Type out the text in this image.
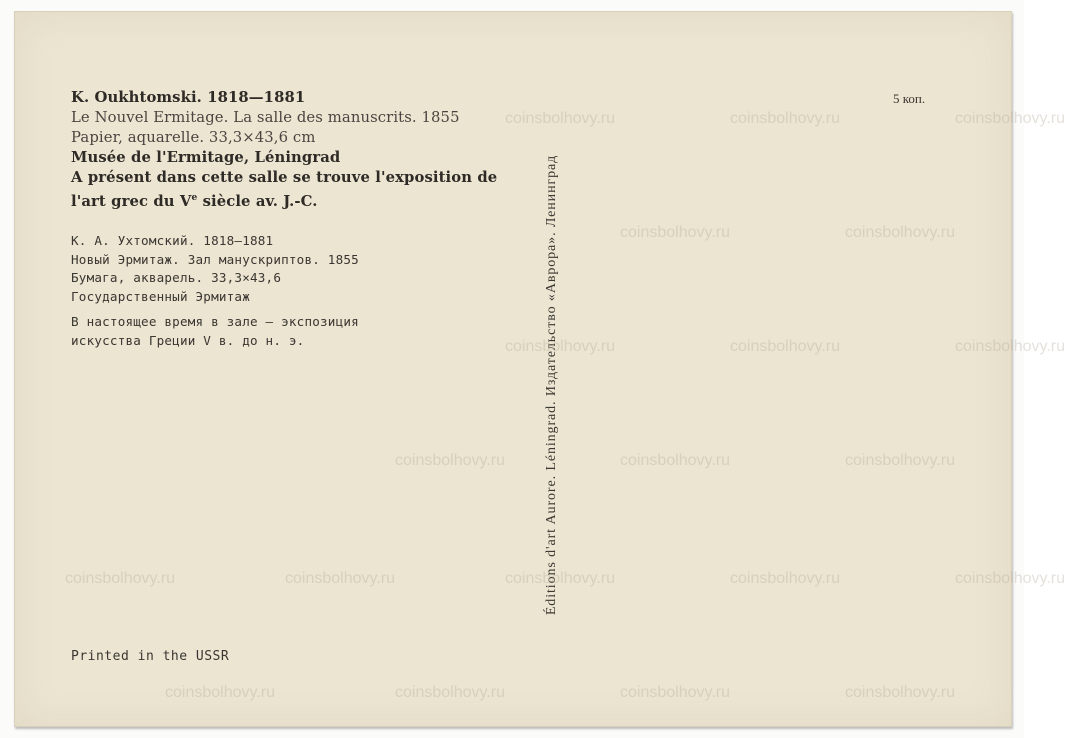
K. Oukhtomski. 1818—1881
Le Nouvel Ermitage. La salle des manuscrits. 1855
Papier, aquarelle. 33,3×43,6 cm
Musée de l'Ermitage, Léningrad
A présent dans cette salle se trouve l'exposition de
l'art grec du Ve siècle av. J.-C.
К. А. Ухтомский. 1818—1881
Новый Эрмитаж. Зал манускриптов. 1855
Бумага, акварель. 33,3×43,6
Государственный Эрмитаж
В настоящее время в зале — экспозиция
искусства Греции V в. до н. э.
5 коп.
Éditions d'art Aurore. Léningrad. Издательство «Аврора». Ленинград
Printed in the USSR
coinsbolhovy.ru	coinsbolhovy.ru	coinsbolhovy.ru
coinsbolhovy.ru	coinsbolhovy.ru
coinsbolhovy.ru	coinsbolhovy.ru	coinsbolhovy.ru
coinsbolhovy.ru	coinsbolhovy.ru	coinsbolhovy.ru
coinsbolhovy.ru	coinsbolhovy.ru	coinsbolhovy.ru	coinsbolhovy.ru	coinsbolhovy.ru
coinsbolhovy.ru	coinsbolhovy.ru	coinsbolhovy.ru	coinsbolhovy.ru
